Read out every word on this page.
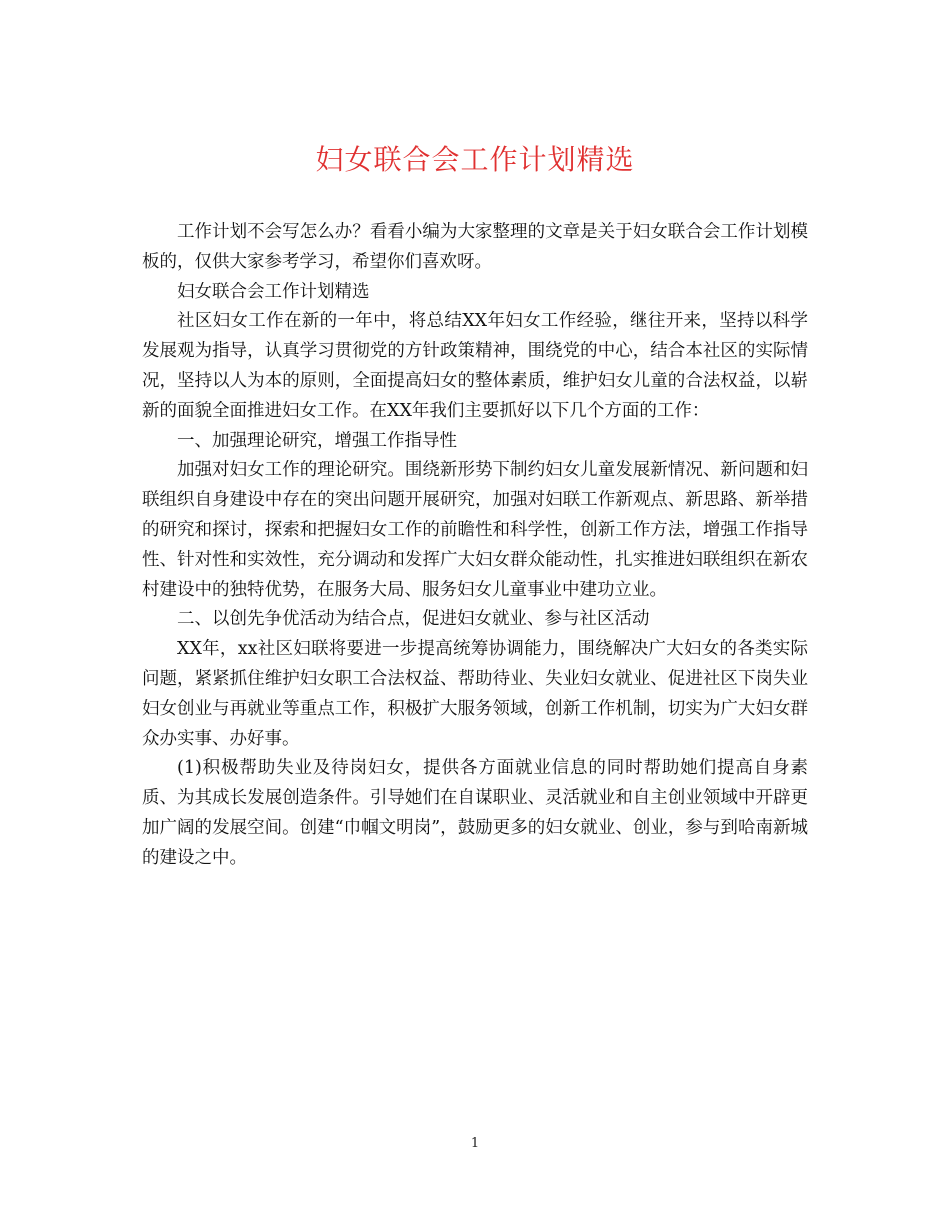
妇女联合会工作计划精选

工作计划不会写怎么办？看看小编为大家整理的文章是关于妇女联合会工作计划模板的，仅供大家参考学习，希望你们喜欢呀。

妇女联合会工作计划精选

社区妇女工作在新的一年中，将总结XX年妇女工作经验，继往开来，坚持以科学发展观为指导，认真学习贯彻党的方针政策精神，围绕党的中心，结合本社区的实际情况，坚持以人为本的原则，全面提高妇女的整体素质，维护妇女儿童的合法权益，以崭新的面貌全面推进妇女工作。在XX年我们主要抓好以下几个方面的工作：

一、加强理论研究，增强工作指导性

加强对妇女工作的理论研究。围绕新形势下制约妇女儿童发展新情况、新问题和妇联组织自身建设中存在的突出问题开展研究，加强对妇联工作新观点、新思路、新举措的研究和探讨，探索和把握妇女工作的前瞻性和科学性，创新工作方法，增强工作指导性、针对性和实效性，充分调动和发挥广大妇女群众能动性，扎实推进妇联组织在新农村建设中的独特优势，在服务大局、服务妇女儿童事业中建功立业。

二、以创先争优活动为结合点，促进妇女就业、参与社区活动

XX年，xx社区妇联将要进一步提高统筹协调能力，围绕解决广大妇女的各类实际问题，紧紧抓住维护妇女职工合法权益、帮助待业、失业妇女就业、促进社区下岗失业妇女创业与再就业等重点工作，积极扩大服务领域，创新工作机制，切实为广大妇女群众办实事、办好事。

(1)积极帮助失业及待岗妇女，提供各方面就业信息的同时帮助她们提高自身素质、为其成长发展创造条件。引导她们在自谋职业、灵活就业和自主创业领域中开辟更加广阔的发展空间。创建“巾帼文明岗”，鼓励更多的妇女就业、创业，参与到哈南新城的建设之中。

1
